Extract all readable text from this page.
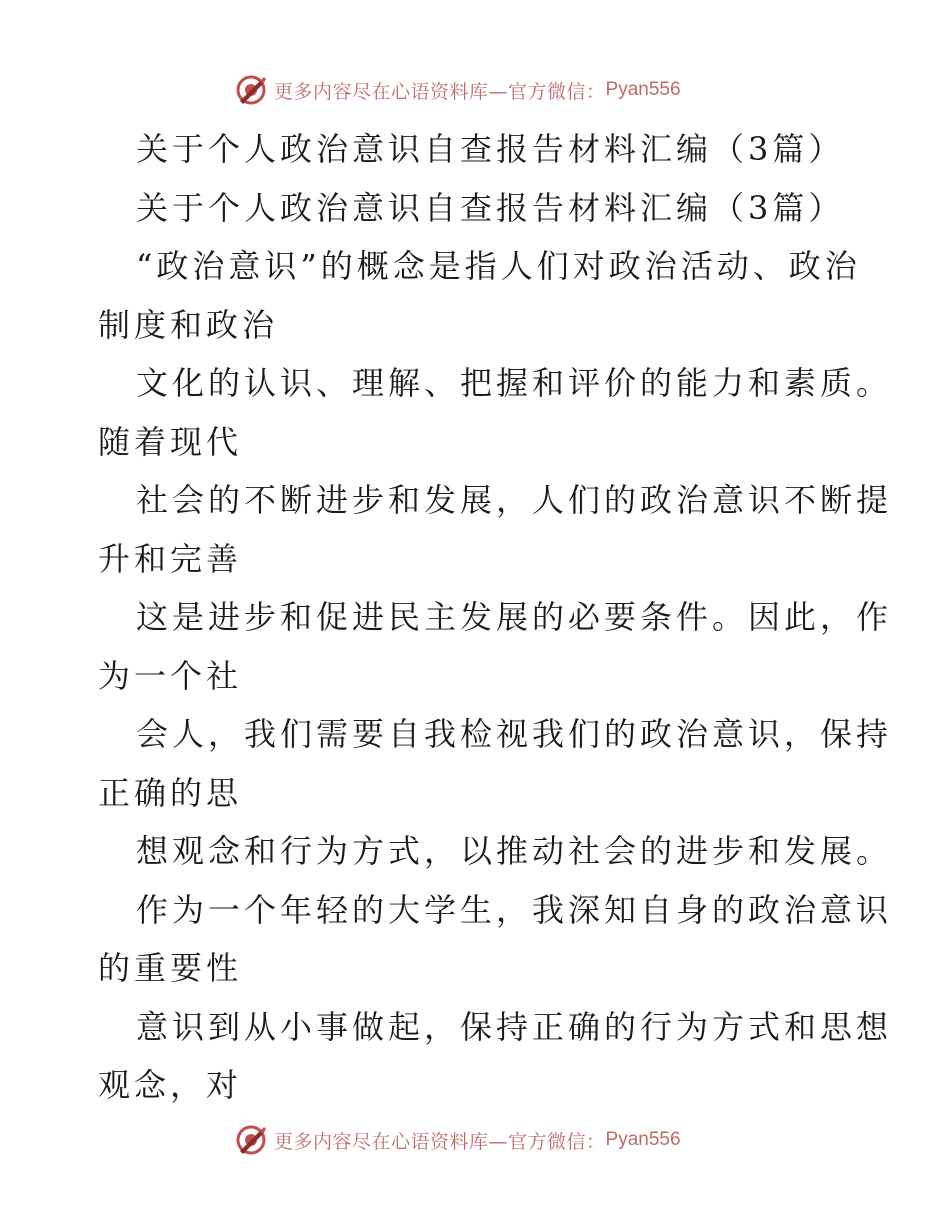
更多内容尽在心语资料库—官方微信： Pyan556
关于个人政治意识自查报告材料汇编（3篇）
关于个人政治意识自查报告材料汇编（3篇）
“政治意识”的概念是指人们对政治活动、政治
制度和政治
文化的认识、理解、把握和评价的能力和素质。
随着现代
社会的不断进步和发展，人们的政治意识不断提
升和完善
这是进步和促进民主发展的必要条件。因此，作
为一个社
会人，我们需要自我检视我们的政治意识，保持
正确的思
想观念和行为方式，以推动社会的进步和发展。
作为一个年轻的大学生，我深知自身的政治意识
的重要性
意识到从小事做起，保持正确的行为方式和思想
观念，对
更多内容尽在心语资料库—官方微信： Pyan556
